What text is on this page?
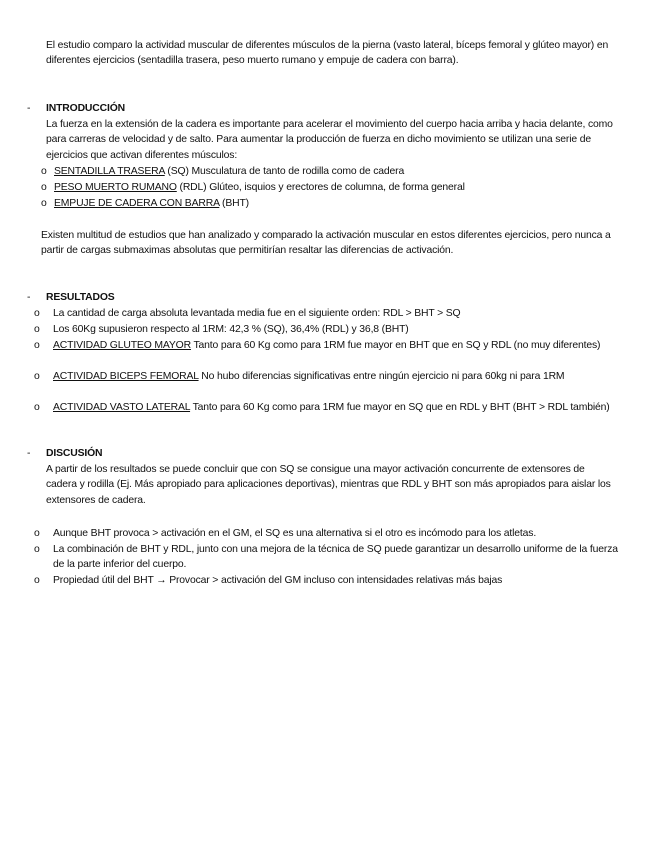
El estudio comparo la actividad muscular de diferentes músculos de la pierna (vasto lateral, bíceps femoral y glúteo mayor) en diferentes ejercicios (sentadilla trasera, peso muerto rumano y empuje de cadera con barra).

-	INTRODUCCIÓN

La fuerza en la extensión de la cadera es importante para acelerar el movimiento del cuerpo hacia arriba y hacia delante, como para carreras de velocidad y de salto. Para aumentar la producción de fuerza en dicho movimiento se utilizan una serie de ejercicios que activan diferentes músculos:

o SENTADILLA TRASERA (SQ) Musculatura de tanto de rodilla como de cadera
o PESO MUERTO RUMANO (RDL) Glúteo, isquios y erectores de columna, de forma general
o EMPUJE DE CADERA CON BARRA (BHT)

Existen multitud de estudios que han analizado y comparado la activación muscular en estos diferentes ejercicios, pero nunca a partir de cargas submaximas absolutas que permitirían resaltar las diferencias de activación.

-	RESULTADOS
o	La cantidad de carga absoluta levantada media fue en el siguiente orden: RDL > BHT > SQ
o	Los 60Kg supusieron respecto al 1RM: 42,3 % (SQ), 36,4% (RDL) y 36,8 (BHT)
o	ACTIVIDAD GLUTEO MAYOR Tanto para 60 Kg como para 1RM fue mayor en BHT que en SQ y RDL (no muy diferentes)
o	ACTIVIDAD BICEPS FEMORAL No hubo diferencias significativas entre ningún ejercicio ni para 60kg ni para 1RM
o	ACTIVIDAD VASTO LATERAL Tanto para 60 Kg como para 1RM fue mayor en SQ que en RDL y BHT (BHT > RDL también)
-	DISCUSIÓN

A partir de los resultados se puede concluir que con SQ se consigue una mayor activación concurrente de extensores de cadera y rodilla (Ej. Más apropiado para aplicaciones deportivas), mientras que RDL y BHT son más apropiados para aislar los extensores de cadera.

o	Aunque BHT provoca > activación en el GM, el SQ es una alternativa si el otro es incómodo para los atletas.
o	La combinación de BHT y RDL, junto con una mejora de la técnica de SQ puede garantizar un desarrollo uniforme de la fuerza de la parte inferior del cuerpo.
o	Propiedad útil del BHT → Provocar > activación del GM incluso con intensidades relativas más bajas
